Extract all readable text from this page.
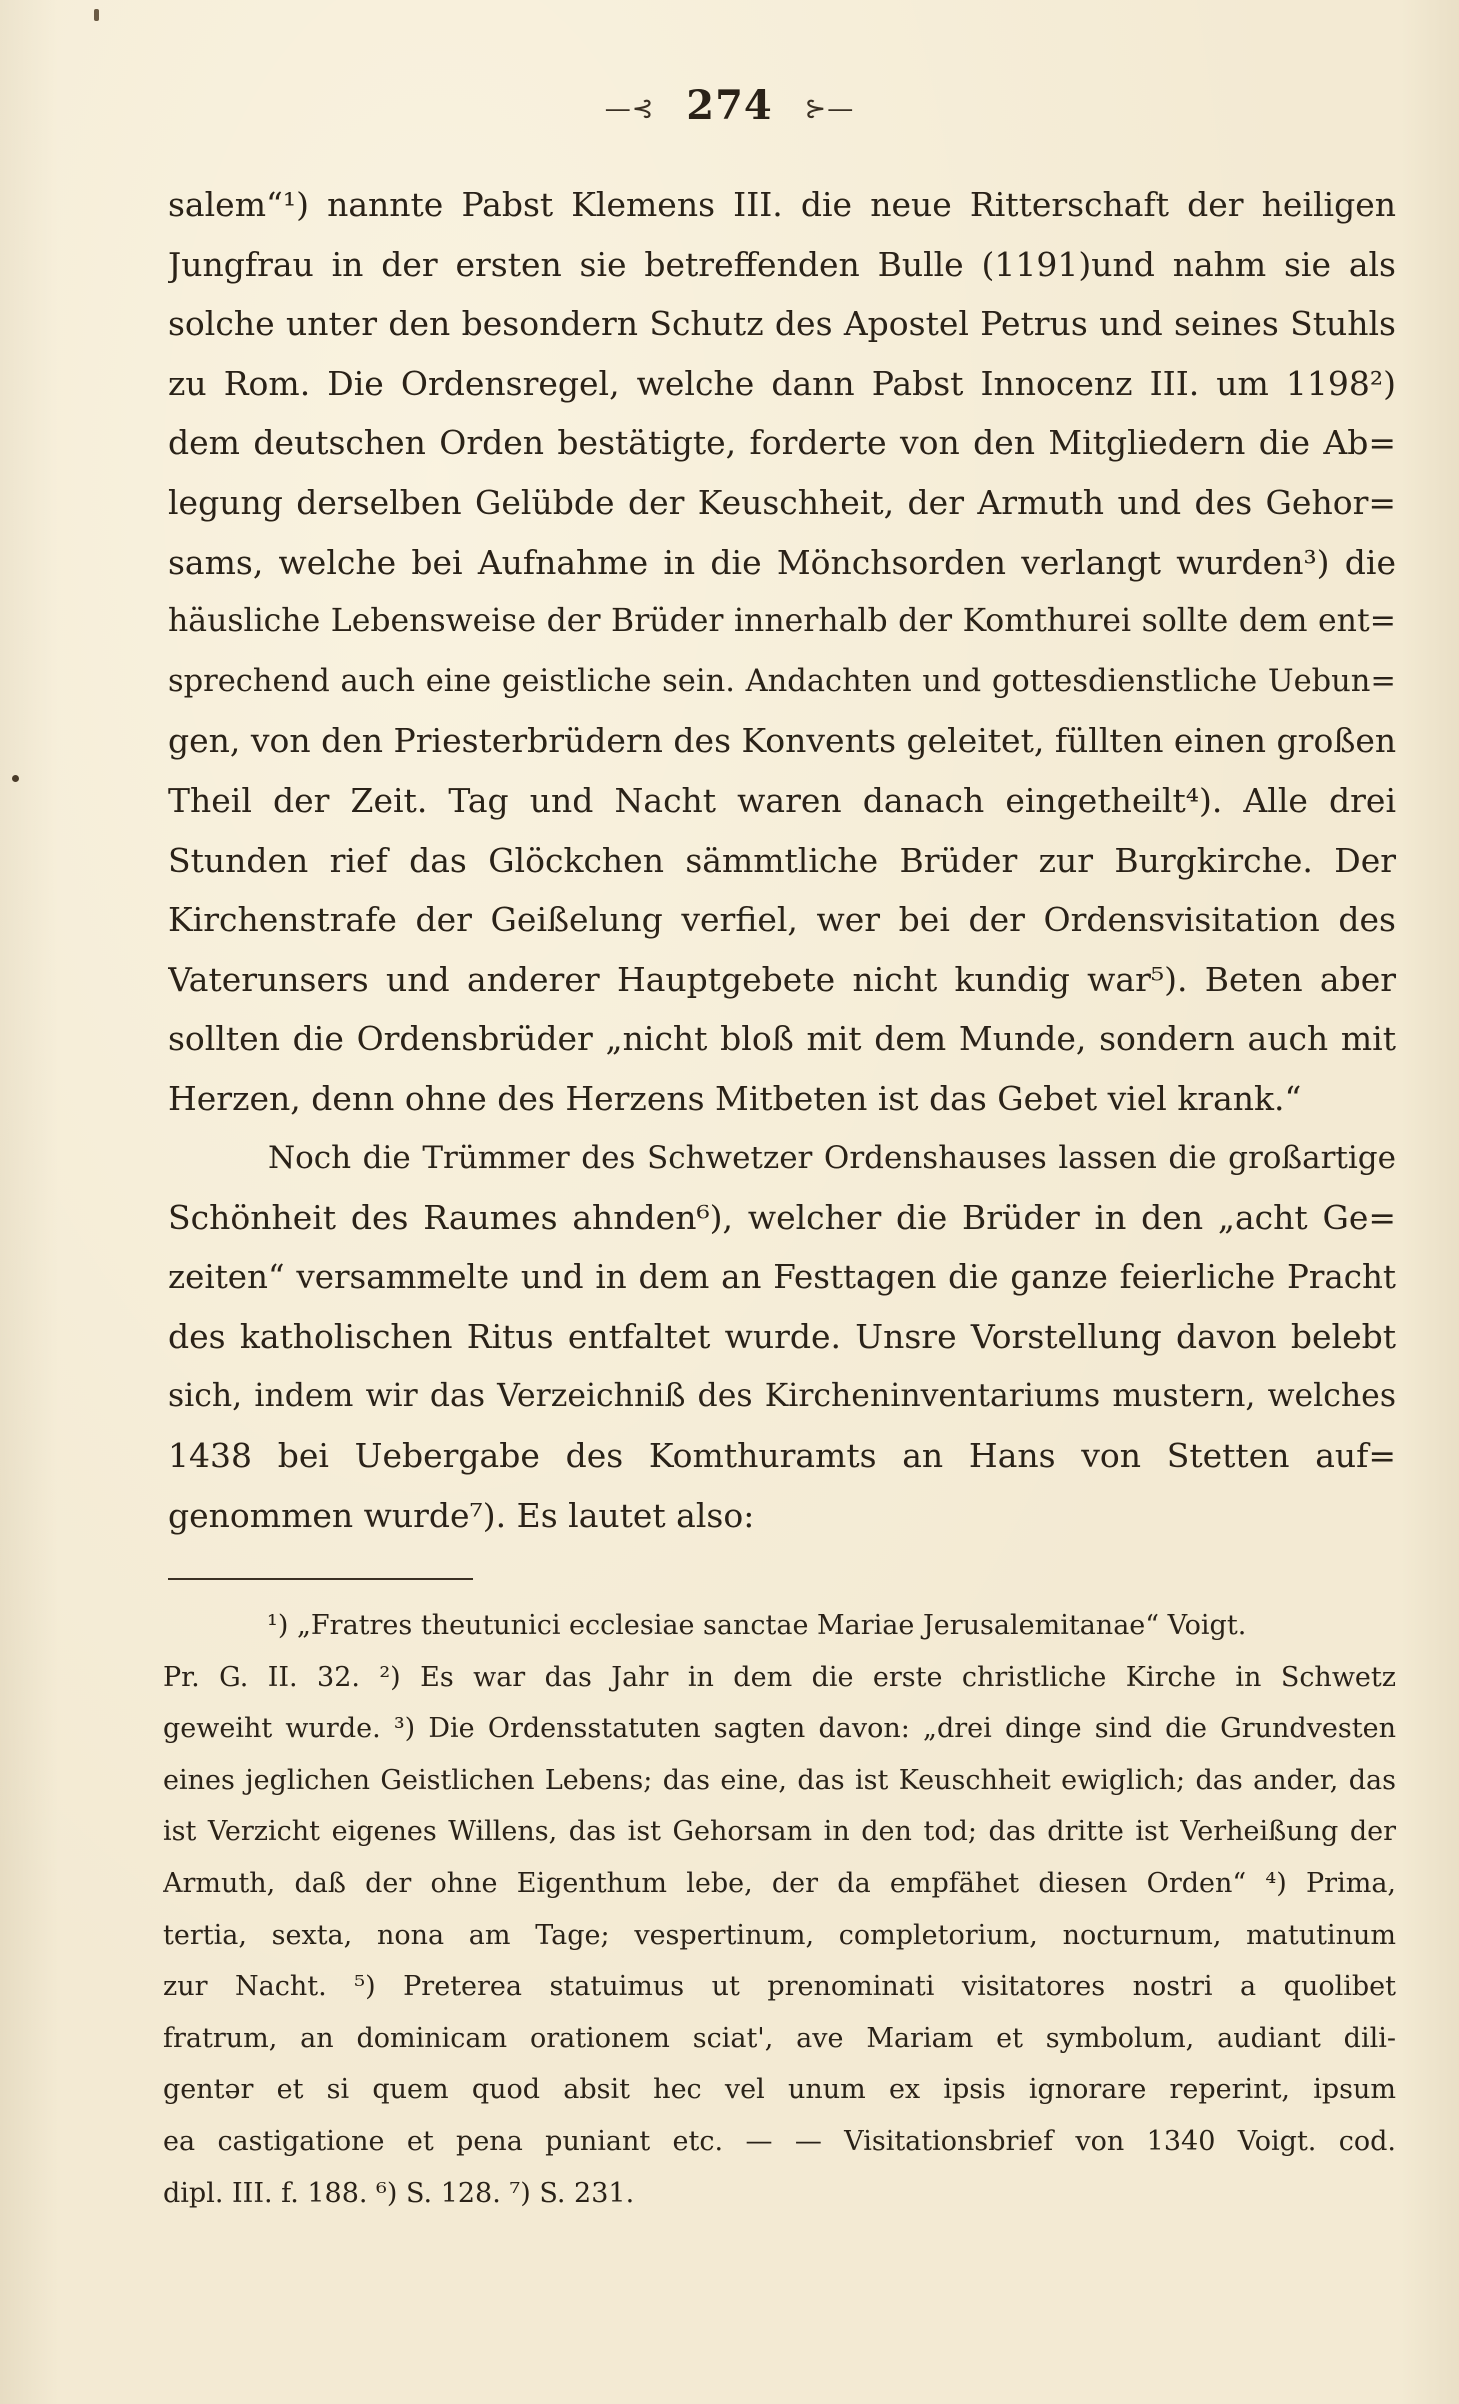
—⊰ 274 ⊱—
salem“¹) nannte Pabst Klemens III. die neue Ritterschaft der heiligen
Jungfrau in der ersten sie betreffenden Bulle (1191)und nahm sie als
solche unter den besondern Schutz des Apostel Petrus und seines Stuhls
zu Rom. Die Ordensregel, welche dann Pabst Innocenz III. um 1198²)
dem deutschen Orden bestätigte, forderte von den Mitgliedern die Ab=
legung derselben Gelübde der Keuschheit, der Armuth und des Gehor=
sams, welche bei Aufnahme in die Mönchsorden verlangt wurden³) die
häusliche Lebensweise der Brüder innerhalb der Komthurei sollte dem ent=
sprechend auch eine geistliche sein. Andachten und gottesdienstliche Uebun=
gen, von den Priesterbrüdern des Konvents geleitet, füllten einen großen
Theil der Zeit. Tag und Nacht waren danach eingetheilt⁴). Alle drei
Stunden rief das Glöckchen sämmtliche Brüder zur Burgkirche. Der
Kirchenstrafe der Geißelung verfiel, wer bei der Ordensvisitation des
Vaterunsers und anderer Hauptgebete nicht kundig war⁵). Beten aber
sollten die Ordensbrüder „nicht bloß mit dem Munde, sondern auch mit
Herzen, denn ohne des Herzens Mitbeten ist das Gebet viel krank.“
Noch die Trümmer des Schwetzer Ordenshauses lassen die großartige
Schönheit des Raumes ahnden⁶), welcher die Brüder in den „acht Ge=
zeiten“ versammelte und in dem an Festtagen die ganze feierliche Pracht
des katholischen Ritus entfaltet wurde. Unsre Vorstellung davon belebt
sich, indem wir das Verzeichniß des Kircheninventariums mustern, welches
1438 bei Uebergabe des Komthuramts an Hans von Stetten auf=
genommen wurde⁷). Es lautet also:
¹) „Fratres theutunici ecclesiae sanctae Mariae Jerusalemitanae“ Voigt.
Pr. G. II. 32. ²) Es war das Jahr in dem die erste christliche Kirche in Schwetz
geweiht wurde. ³) Die Ordensstatuten sagten davon: „drei dinge sind die Grundvesten
eines jeglichen Geistlichen Lebens; das eine, das ist Keuschheit ewiglich; das ander, das
ist Verzicht eigenes Willens, das ist Gehorsam in den tod; das dritte ist Verheißung der
Armuth, daß der ohne Eigenthum lebe, der da empfähet diesen Orden“ ⁴) Prima,
tertia, sexta, nona am Tage; vespertinum, completorium, nocturnum, matutinum
zur Nacht. ⁵) Preterea statuimus ut prenominati visitatores nostri a quolibet
fratrum, an dominicam orationem sciat', ave Mariam et symbolum, audiant dili-
gentər et si quem quod absit hec vel unum ex ipsis ignorare reperint, ipsum
ea castigatione et pena puniant etc. — — Visitationsbrief von 1340 Voigt. cod.
dipl. III. f. 188. ⁶) S. 128. ⁷) S. 231.
